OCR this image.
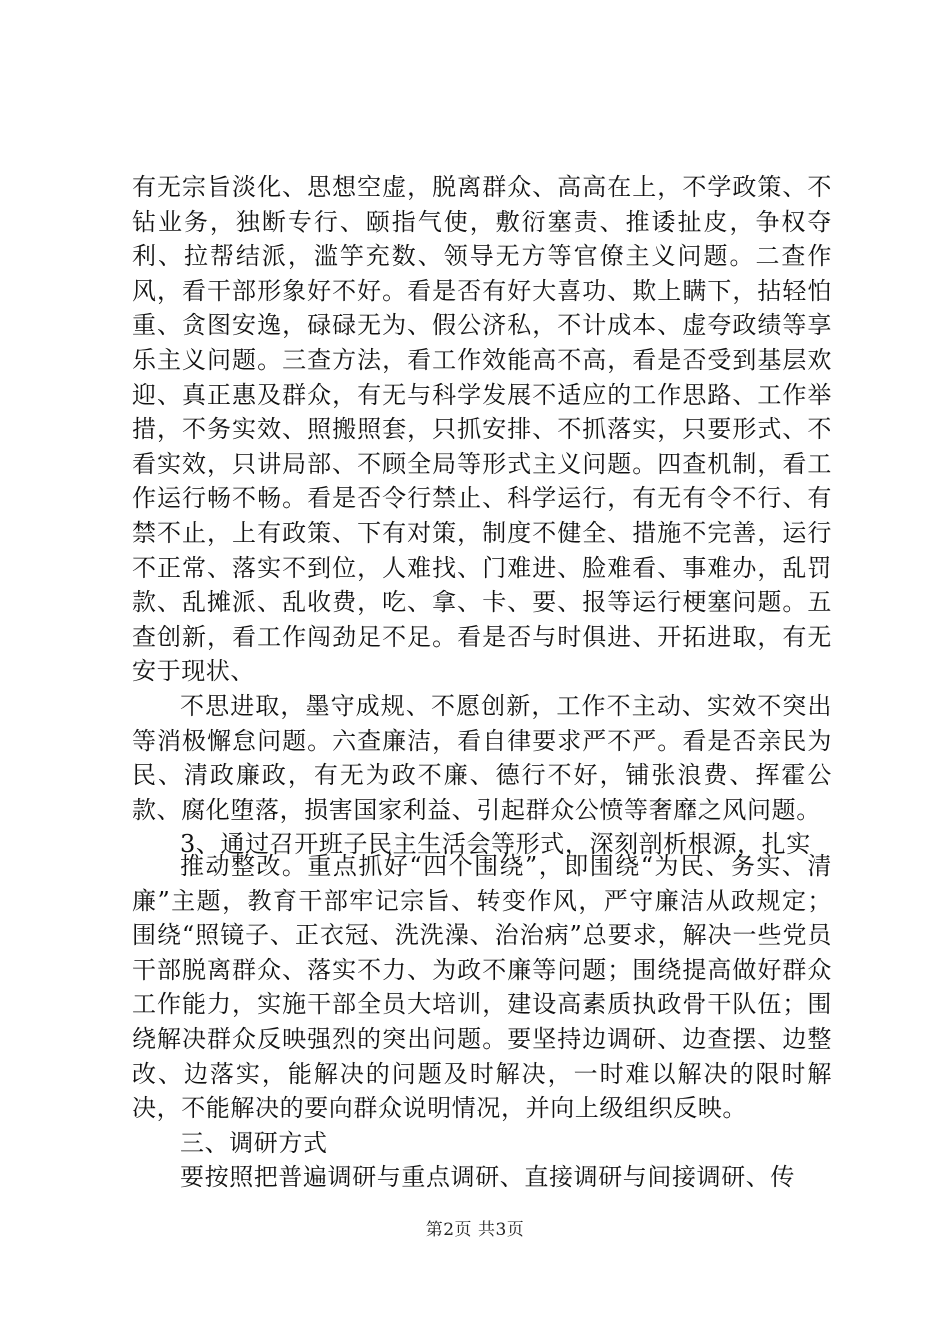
有无宗旨淡化、思想空虚，脱离群众、高高在上，不学政策、不钻业务，独断专行、颐指气使，敷衍塞责、推诿扯皮，争权夺利、拉帮结派，滥竽充数、领导无方等官僚主义问题。二查作风，看干部形象好不好。看是否有好大喜功、欺上瞒下，拈轻怕重、贪图安逸，碌碌无为、假公济私，不计成本、虚夸政绩等享乐主义问题。三查方法，看工作效能高不高，看是否受到基层欢迎、真正惠及群众，有无与科学发展不适应的工作思路、工作举措，不务实效、照搬照套，只抓安排、不抓落实，只要形式、不看实效，只讲局部、不顾全局等形式主义问题。四查机制，看工作运行畅不畅。看是否令行禁止、科学运行，有无有令不行、有禁不止，上有政策、下有对策，制度不健全、措施不完善，运行不正常、落实不到位，人难找、门难进、脸难看、事难办，乱罚款、乱摊派、乱收费，吃、拿、卡、要、报等运行梗塞问题。五查创新，看工作闯劲足不足。看是否与时俱进、开拓进取，有无安于现状、

不思进取，墨守成规、不愿创新，工作不主动、实效不突出等消极懈怠问题。六查廉洁，看自律要求严不严。看是否亲民为民、清政廉政，有无为政不廉、德行不好，铺张浪费、挥霍公款、腐化堕落，损害国家利益、引起群众公愤等奢靡之风问题。

3、通过召开班子民主生活会等形式，深刻剖析根源，扎实

推动整改。重点抓好“四个围绕”，即围绕“为民、务实、清廉”主题，教育干部牢记宗旨、转变作风，严守廉洁从政规定；围绕“照镜子、正衣冠、洗洗澡、治治病”总要求，解决一些党员干部脱离群众、落实不力、为政不廉等问题；围绕提高做好群众工作能力，实施干部全员大培训，建设高素质执政骨干队伍；围绕解决群众反映强烈的突出问题。要坚持边调研、边查摆、边整改、边落实，能解决的问题及时解决，一时难以解决的限时解决，不能解决的要向群众说明情况，并向上级组织反映。

三、调研方式

要按照把普遍调研与重点调研、直接调研与间接调研、传

第2页 共3页
